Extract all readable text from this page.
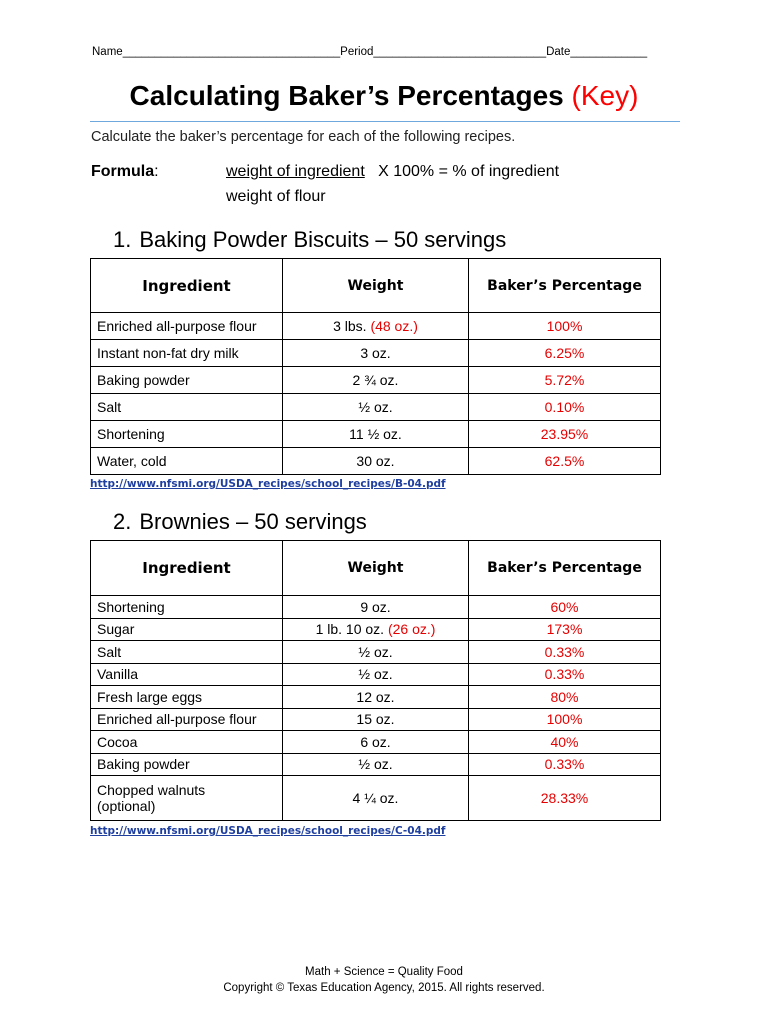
Name__________________________________Period___________________________Date____________
Calculating Baker’s Percentages (Key)
Calculate the baker’s percentage for each of the following recipes.
Formula:	weight of ingredient X 100% = % of ingredient
weight of flour
1. Baking Powder Biscuits – 50 servings
Ingredient	Weight	Baker’s Percentage
Enriched all-purpose flour	3 lbs. (48 oz.)	100%
Instant non-fat dry milk	3 oz.	6.25%
Baking powder	2 ¾ oz.	5.72%
Salt	½ oz.	0.10%
Shortening	11 ½ oz.	23.95%
Water, cold	30 oz.	62.5%
http://www.nfsmi.org/USDA_recipes/school_recipes/B-04.pdf
2. Brownies – 50 servings
Ingredient	Weight	Baker’s Percentage
Shortening	9 oz.	60%
Sugar	1 lb. 10 oz. (26 oz.)	173%
Salt	½ oz.	0.33%
Vanilla	½ oz.	0.33%
Fresh large eggs	12 oz.	80%
Enriched all-purpose flour	15 oz.	100%
Cocoa	6 oz.	40%
Baking powder	½ oz.	0.33%
Chopped walnuts
(optional)	4 ¼ oz.	28.33%
http://www.nfsmi.org/USDA_recipes/school_recipes/C-04.pdf
Math + Science = Quality Food
Copyright © Texas Education Agency, 2015. All rights reserved.
